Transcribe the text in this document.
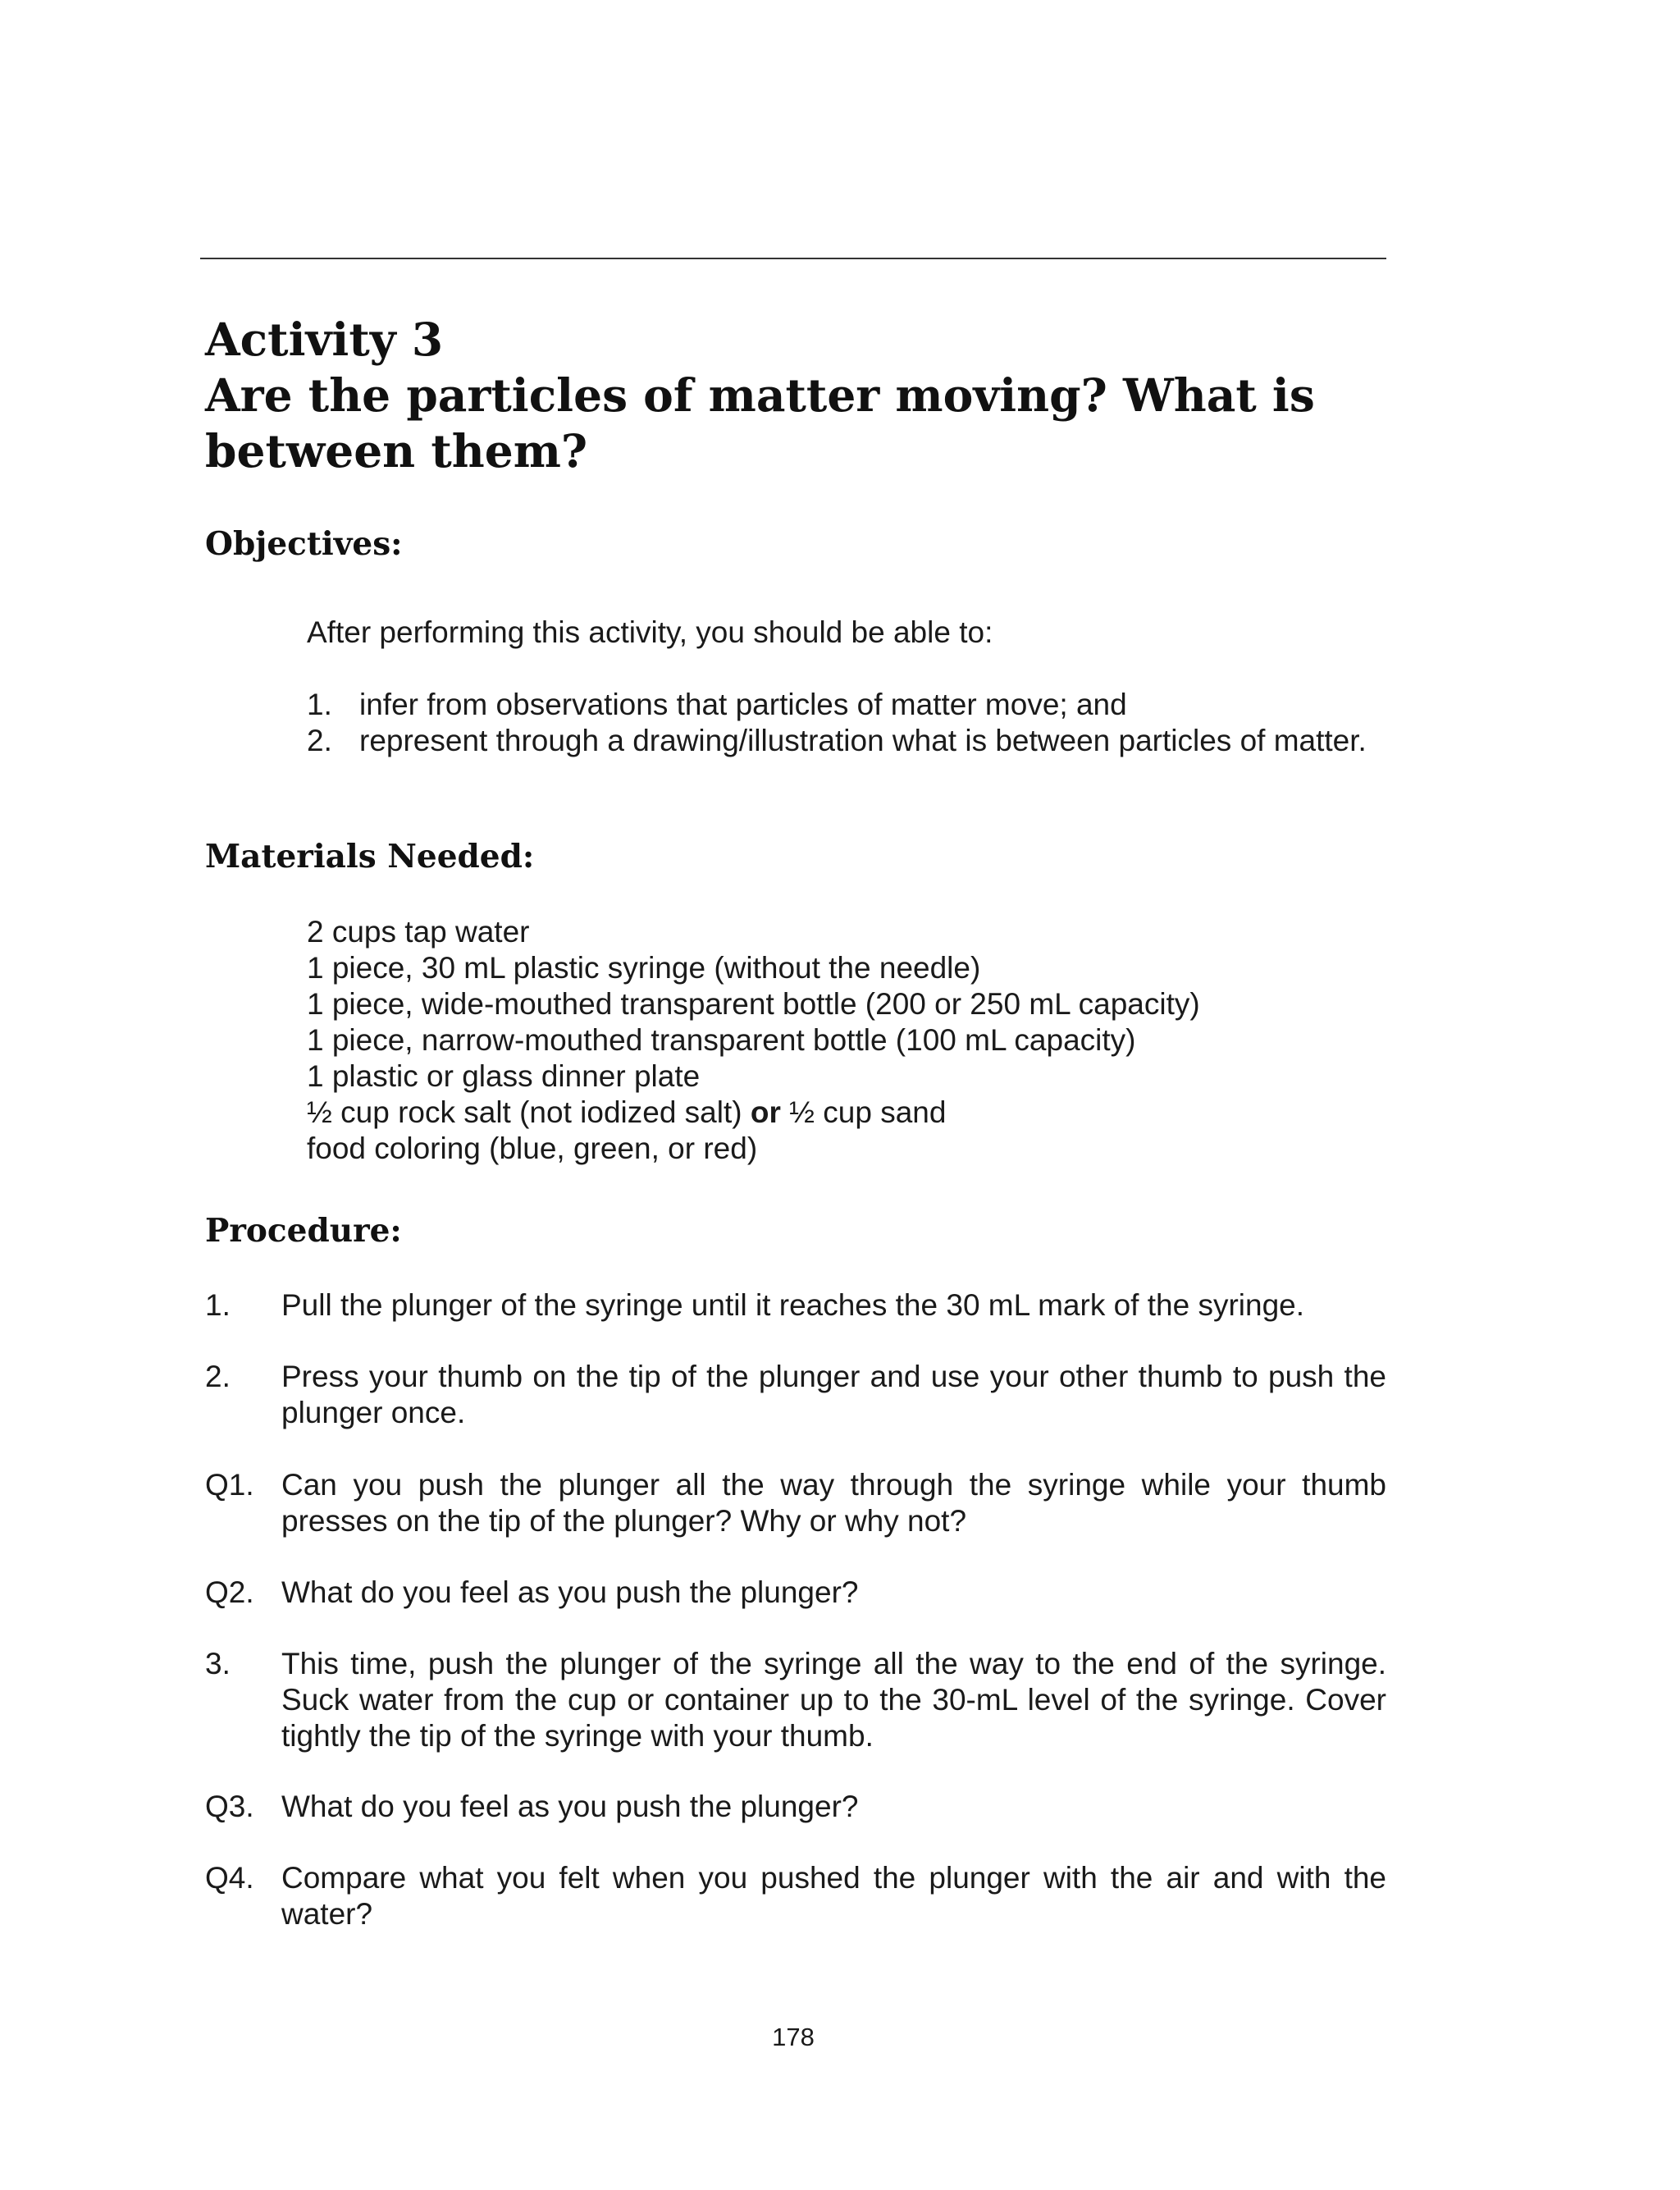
Activity 3
Are the particles of matter moving? What is
between them?
Objectives:

After performing this activity, you should be able to:

1. infer from observations that particles of matter move; and
2. represent through a drawing/illustration what is between particles of matter.
Materials Needed:
2 cups tap water
1 piece, 30 mL plastic syringe (without the needle)
1 piece, wide-mouthed transparent bottle (200 or 250 mL capacity)
1 piece, narrow-mouthed transparent bottle (100 mL capacity)
1 plastic or glass dinner plate
½ cup rock salt (not iodized salt) or ½ cup sand
food coloring (blue, green, or red)
Procedure:
1. Pull the plunger of the syringe until it reaches the 30 mL mark of the syringe.
2. Press your thumb on the tip of the plunger and use your other thumb to push the plunger once.
Q1. Can you push the plunger all the way through the syringe while your thumb presses on the tip of the plunger? Why or why not?
Q2. What do you feel as you push the plunger?
3. This time, push the plunger of the syringe all the way to the end of the syringe. Suck water from the cup or container up to the 30-mL level of the syringe. Cover tightly the tip of the syringe with your thumb.
Q3. What do you feel as you push the plunger?
Q4. Compare what you felt when you pushed the plunger with the air and with the water?
178
